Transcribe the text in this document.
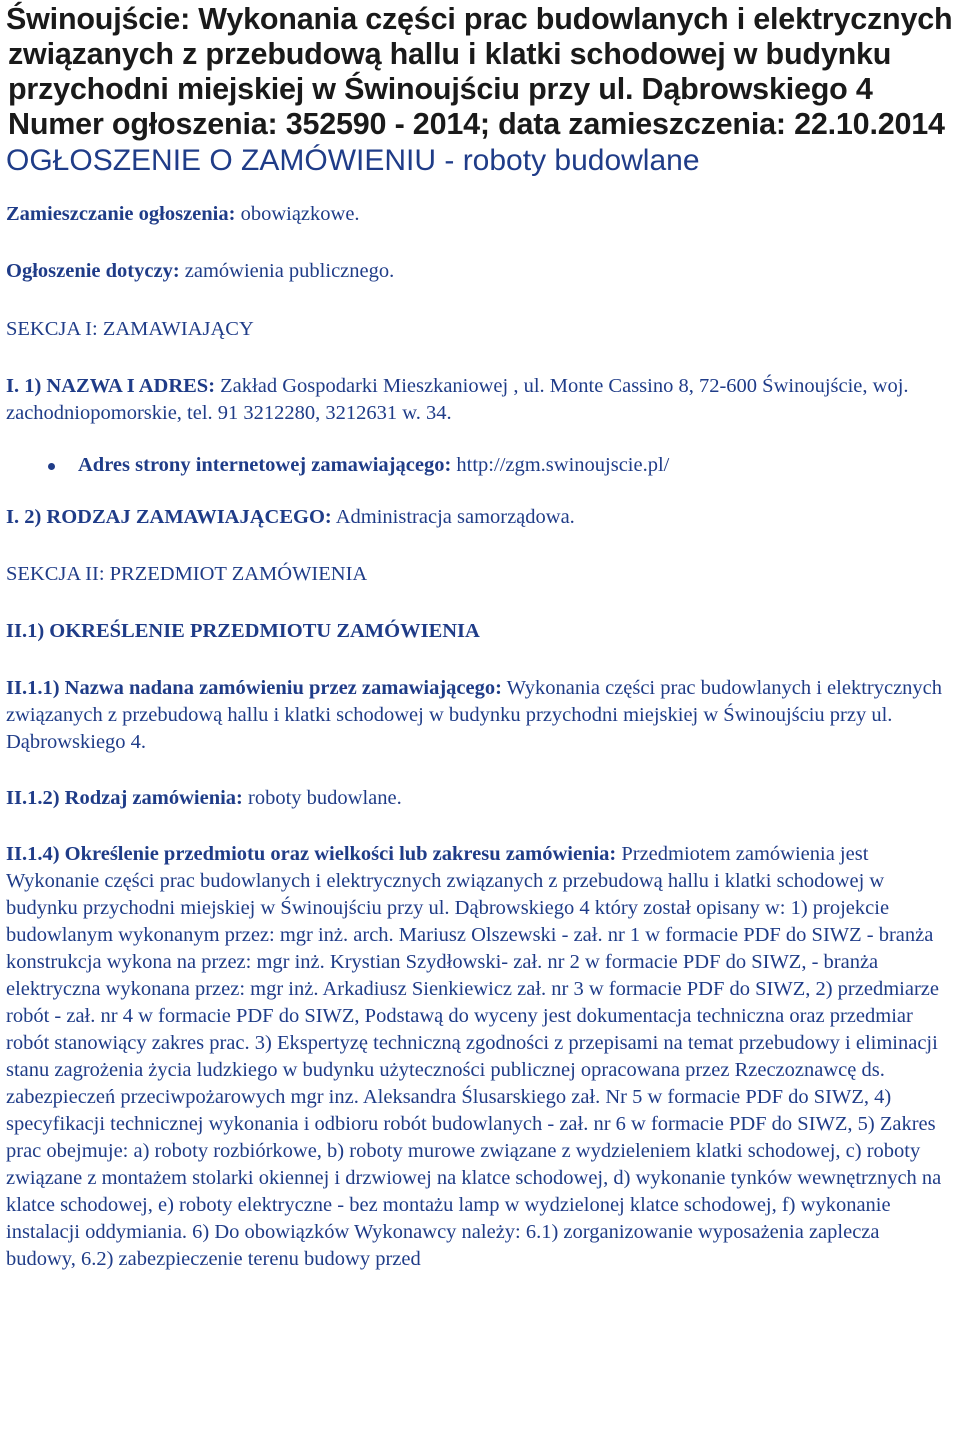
Świnoujście: Wykonania części prac budowlanych i elektrycznych
związanych z przebudową hallu i klatki schodowej w budynku
przychodni miejskiej w Świnoujściu przy ul. Dąbrowskiego 4
Numer ogłoszenia: 352590 - 2014; data zamieszczenia: 22.10.2014

OGŁOSZENIE O ZAMÓWIENIU - roboty budowlane

Zamieszczanie ogłoszenia: obowiązkowe.

Ogłoszenie dotyczy: zamówienia publicznego.

SEKCJA I: ZAMAWIAJĄCY

I. 1) NAZWA I ADRES: Zakład Gospodarki Mieszkaniowej , ul. Monte Cassino 8, 72-600 Świnoujście, woj. zachodniopomorskie, tel. 91 3212280, 3212631 w. 34.

Adres strony internetowej zamawiającego: http://zgm.swinoujscie.pl/

I. 2) RODZAJ ZAMAWIAJĄCEGO: Administracja samorządowa.

SEKCJA II: PRZEDMIOT ZAMÓWIENIA

II.1) OKREŚLENIE PRZEDMIOTU ZAMÓWIENIA

II.1.1) Nazwa nadana zamówieniu przez zamawiającego: Wykonania części prac budowlanych i elektrycznych związanych z przebudową hallu i klatki schodowej w budynku przychodni miejskiej w Świnoujściu przy ul. Dąbrowskiego 4.

II.1.2) Rodzaj zamówienia: roboty budowlane.

II.1.4) Określenie przedmiotu oraz wielkości lub zakresu zamówienia: Przedmiotem zamówienia jest Wykonanie części prac budowlanych i elektrycznych związanych z przebudową hallu i klatki schodowej w budynku przychodni miejskiej w Świnoujściu przy ul. Dąbrowskiego 4 który został opisany w: 1) projekcie budowlanym wykonanym przez: mgr inż. arch. Mariusz Olszewski - zał. nr 1 w formacie PDF do SIWZ - branża konstrukcja wykona na przez: mgr inż. Krystian Szydłowski- zał. nr 2 w formacie PDF do SIWZ, - branża elektryczna wykonana przez: mgr inż. Arkadiusz Sienkiewicz zał. nr 3 w formacie PDF do SIWZ, 2) przedmiarze robót - zał. nr 4 w formacie PDF do SIWZ, Podstawą do wyceny jest dokumentacja techniczna oraz przedmiar robót stanowiący zakres prac. 3) Ekspertyzę techniczną zgodności z przepisami na temat przebudowy i eliminacji stanu zagrożenia życia ludzkiego w budynku użyteczności publicznej opracowana przez Rzeczoznawcę ds. zabezpieczeń przeciwpożarowych mgr inz. Aleksandra Ślusarskiego zał. Nr 5 w formacie PDF do SIWZ, 4) specyfikacji technicznej wykonania i odbioru robót budowlanych - zał. nr 6 w formacie PDF do SIWZ, 5) Zakres prac obejmuje: a) roboty rozbiórkowe, b) roboty murowe związane z wydzieleniem klatki schodowej, c) roboty związane z montażem stolarki okiennej i drzwiowej na klatce schodowej, d) wykonanie tynków wewnętrznych na klatce schodowej, e) roboty elektryczne - bez montażu lamp w wydzielonej klatce schodowej, f) wykonanie instalacji oddymiania. 6) Do obowiązków Wykonawcy należy: 6.1) zorganizowanie wyposażenia zaplecza budowy, 6.2) zabezpieczenie terenu budowy przed
